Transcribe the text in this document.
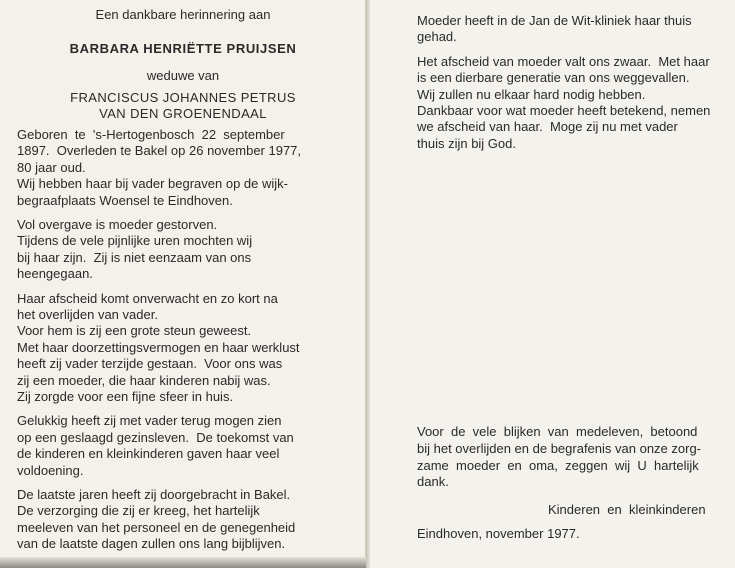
Een dankbare herinnering aan
BARBARA HENRIËTTE PRUIJSEN
weduwe van
FRANCISCUS JOHANNES PETRUS
VAN DEN GROENENDAAL
Geboren  te  's-Hertogenbosch  22  september
1897.  Overleden te Bakel op 26 november 1977,
80 jaar oud.
Wij hebben haar bij vader begraven op de wijk-
begraafplaats Woensel te Eindhoven.
Vol overgave is moeder gestorven.
Tijdens de vele pijnlijke uren mochten wij
bij haar zijn.  Zij is niet eenzaam van ons
heengegaan.
Haar afscheid komt onverwacht en zo kort na
het overlijden van vader.
Voor hem is zij een grote steun geweest.
Met haar doorzettingsvermogen en haar werklust
heeft zij vader terzijde gestaan.  Voor ons was
zij een moeder, die haar kinderen nabij was.
Zij zorgde voor een fijne sfeer in huis.
Gelukkig heeft zij met vader terug mogen zien
op een geslaagd gezinsleven.  De toekomst van
de kinderen en kleinkinderen gaven haar veel
voldoening.
De laatste jaren heeft zij doorgebracht in Bakel.
De verzorging die zij er kreeg, het hartelijk
meeleven van het personeel en de genegenheid
van de laatste dagen zullen ons lang bijblijven.
Moeder heeft in de Jan de Wit-kliniek haar thuis
gehad.
Het afscheid van moeder valt ons zwaar.  Met haar
is een dierbare generatie van ons weggevallen.
Wij zullen nu elkaar hard nodig hebben.
Dankbaar voor wat moeder heeft betekend, nemen
we afscheid van haar.  Moge zij nu met vader
thuis zijn bij God.
Voor  de  vele  blijken  van  medeleven,  betoond
bij het overlijden en de begrafenis van onze zorg-
zame  moeder  en  oma,  zeggen  wij  U  hartelijk
dank.
Kinderen  en  kleinkinderen
Eindhoven, november 1977.
